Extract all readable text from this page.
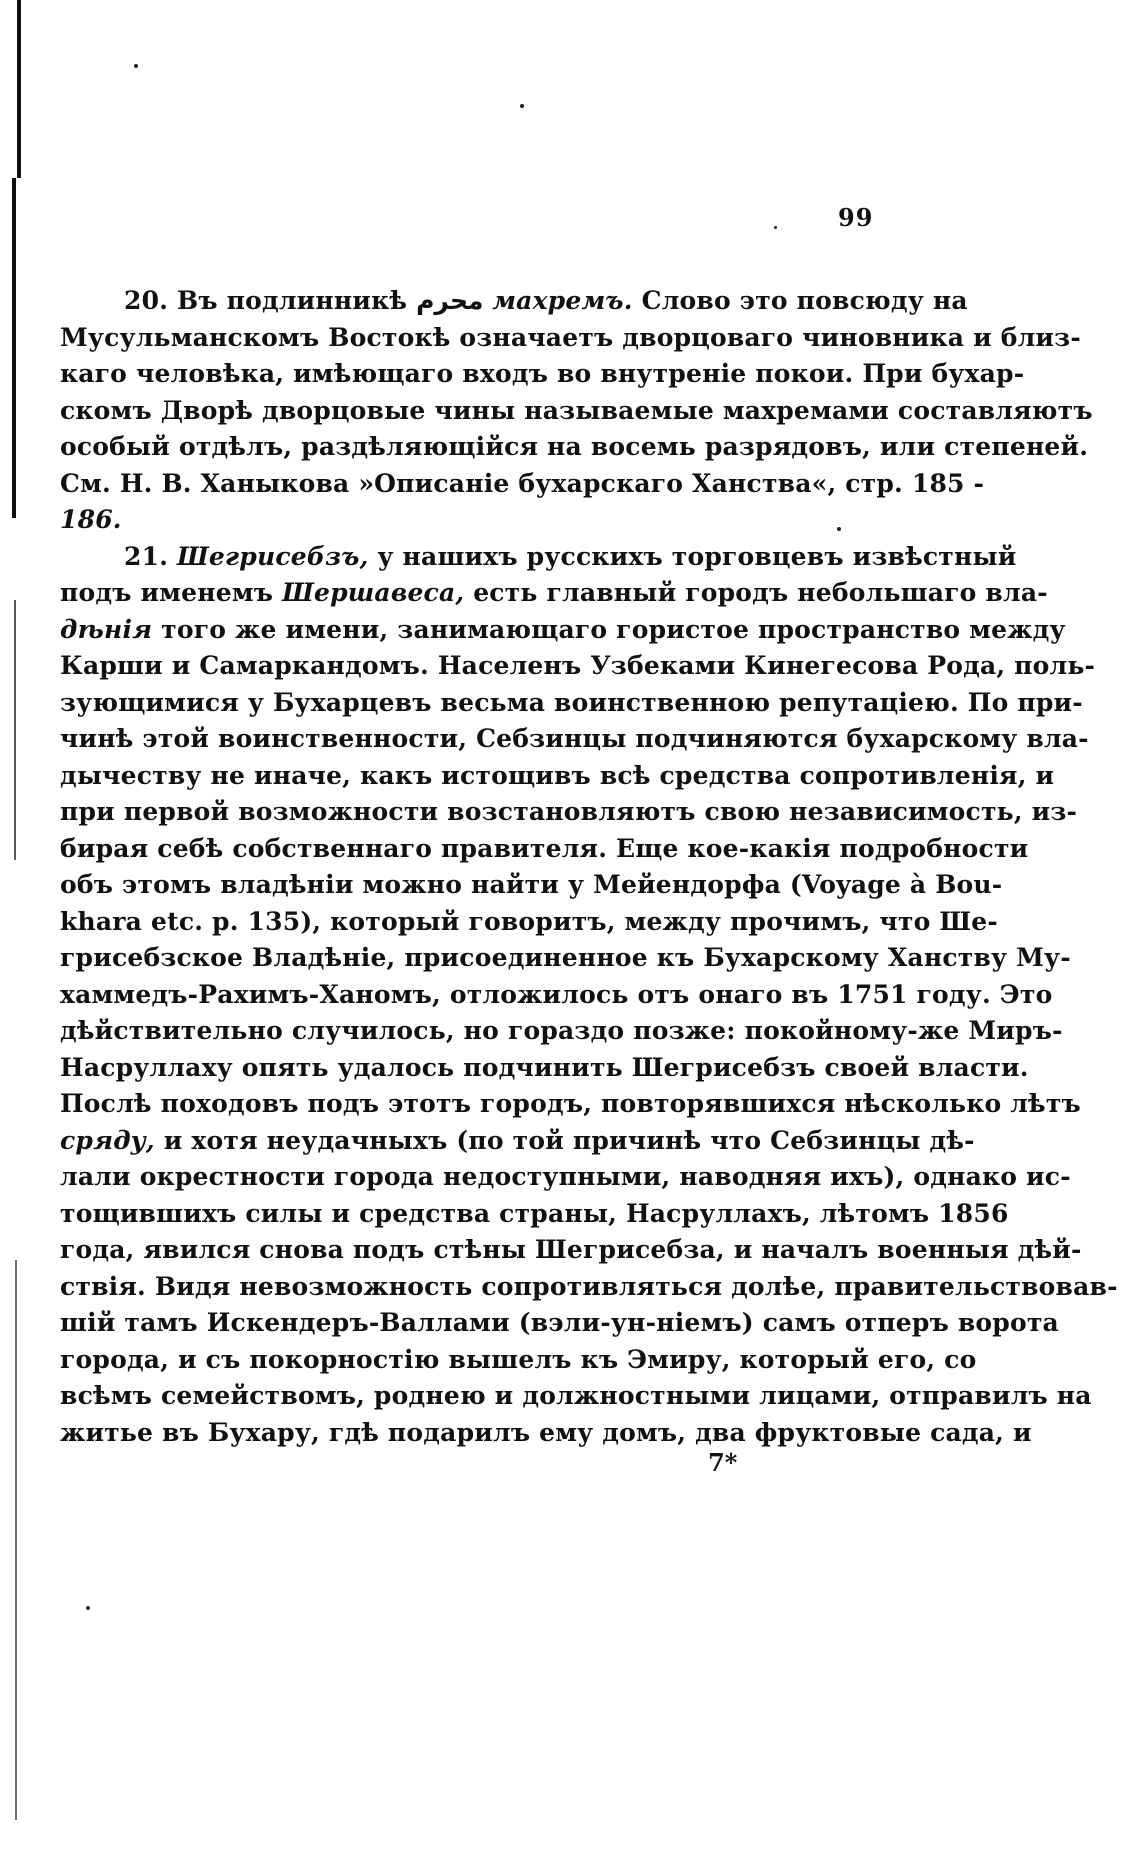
99
20. Въ подлинникѣ محرم махремъ. Слово это повсюду на
Мусульманскомъ Востокѣ означаетъ дворцоваго чиновника и близ-
каго человѣка, имѣющаго входъ во внутреніе покои. При бухар-
скомъ Дворѣ дворцовые чины называемые махремами составляютъ
особый отдѣлъ, раздѣляющійся на восемь разрядовъ, или степеней.
См. Н. В. Ханыкова »Описаніе бухарскаго Ханства«, стр. 185 -
186.
21. Шегрисебзъ, у нашихъ русскихъ торговцевъ извѣстный
подъ именемъ Шершавеса, есть главный городъ небольшаго вла-
дѣнія того же имени, занимающаго гористое пространство между
Карши и Самаркандомъ. Населенъ Узбеками Кинегесова Рода, поль-
зующимися у Бухарцевъ весьма воинственною репутаціею. По при-
чинѣ этой воинственности, Себзинцы подчиняются бухарскому вла-
дычеству не иначе, какъ истощивъ всѣ средства сопротивленія, и
при первой возможности возстановляютъ свою независимость, из-
бирая себѣ собственнаго правителя. Еще кое-какія подробности
объ этомъ владѣніи можно найти у Мейендорфа (Voyage à Bou-
khara etc. p. 135), который говоритъ, между прочимъ, что Ше-
грисебзское Владѣніе, присоединенное къ Бухарскому Ханству Му-
хаммедъ-Рахимъ-Ханомъ, отложилось отъ онаго въ 1751 году. Это
дѣйствительно случилось, но гораздо позже: покойному-же Миръ-
Насруллаху опять удалось подчинить Шегрисебзъ своей власти.
Послѣ походовъ подъ этотъ городъ, повторявшихся нѣсколько лѣтъ
сряду, и хотя неудачныхъ (по той причинѣ что Себзинцы дѣ-
лали окрестности города недоступными, наводняя ихъ), однако ис-
тощившихъ силы и средства страны, Насруллахъ, лѣтомъ 1856
года, явился снова подъ стѣны Шегрисебза, и началъ военныя дѣй-
ствія. Видя невозможность сопротивляться долѣе, правительствовав-
шій тамъ Искендеръ-Валлами (вэли-ун-ніемъ) самъ отперъ ворота
города, и съ покорностію вышелъ къ Эмиру, который его, со
всѣмъ семействомъ, роднею и должностными лицами, отправилъ на
житье въ Бухару, гдѣ подарилъ ему домъ, два фруктовые сада, и
7*
